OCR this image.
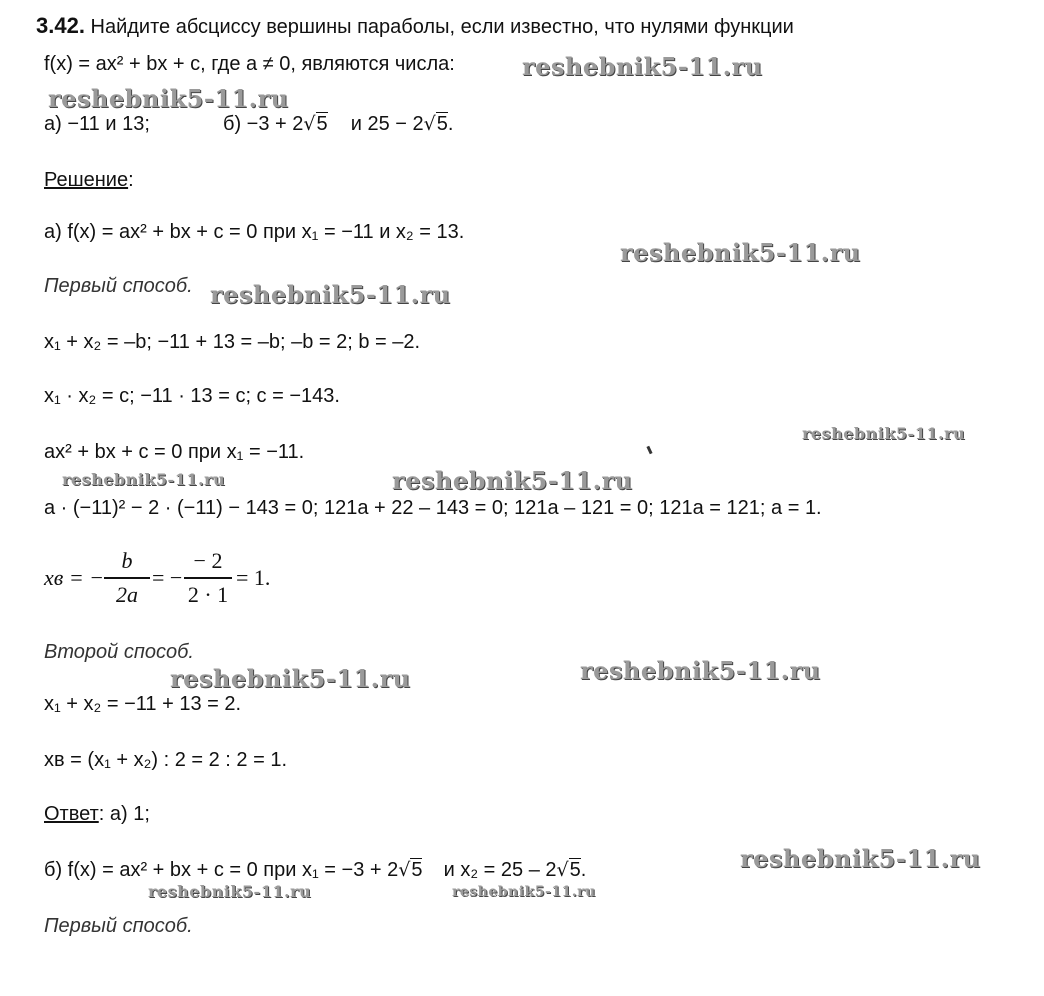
3.42. Найдите абсциссу вершины параболы, если известно, что нулями функции
f(x) = ax² + bx + c, где a ≠ 0, являются числа:
а) −11 и 13;	б) −3 + 2√5 и 25 − 2√5.
Решение:
а) f(x) = ax² + bx + c = 0 при x₁ = −11 и x₂ = 13.
Первый способ.
x₁ + x₂ = –b; −11 + 13 = –b; –b = 2; b = –2.
x₁ · x₂ = c; −11 · 13 = c; c = −143.
ax² + bx + c = 0 при x₁ = −11.
a · (−11)² − 2 · (−11) − 143 = 0; 121a + 22 – 143 = 0; 121a – 121 = 0; 121a = 121; a = 1.
xв = −
b
2a
= −
− 2
2 · 1
= 1.
Второй способ.
x₁ + x₂ = −11 + 13 = 2.
xв = (x₁ + x₂) : 2 = 2 : 2 = 1.
Ответ: а) 1;
б) f(x) = ax² + bx + c = 0 при x₁ = −3 + 2√5 и x₂ = 25 – 2√5.
Первый способ.
reshebnik5-11.ru
reshebnik5-11.ru
reshebnik5-11.ru
reshebnik5-11.ru
reshebnik5-11.ru
reshebnik5-11.ru	reshebnik5-11.ru
reshebnik5-11.ru	reshebnik5-11.ru
reshebnik5-11.ru
reshebnik5-11.ru	reshebnik5-11.ru
